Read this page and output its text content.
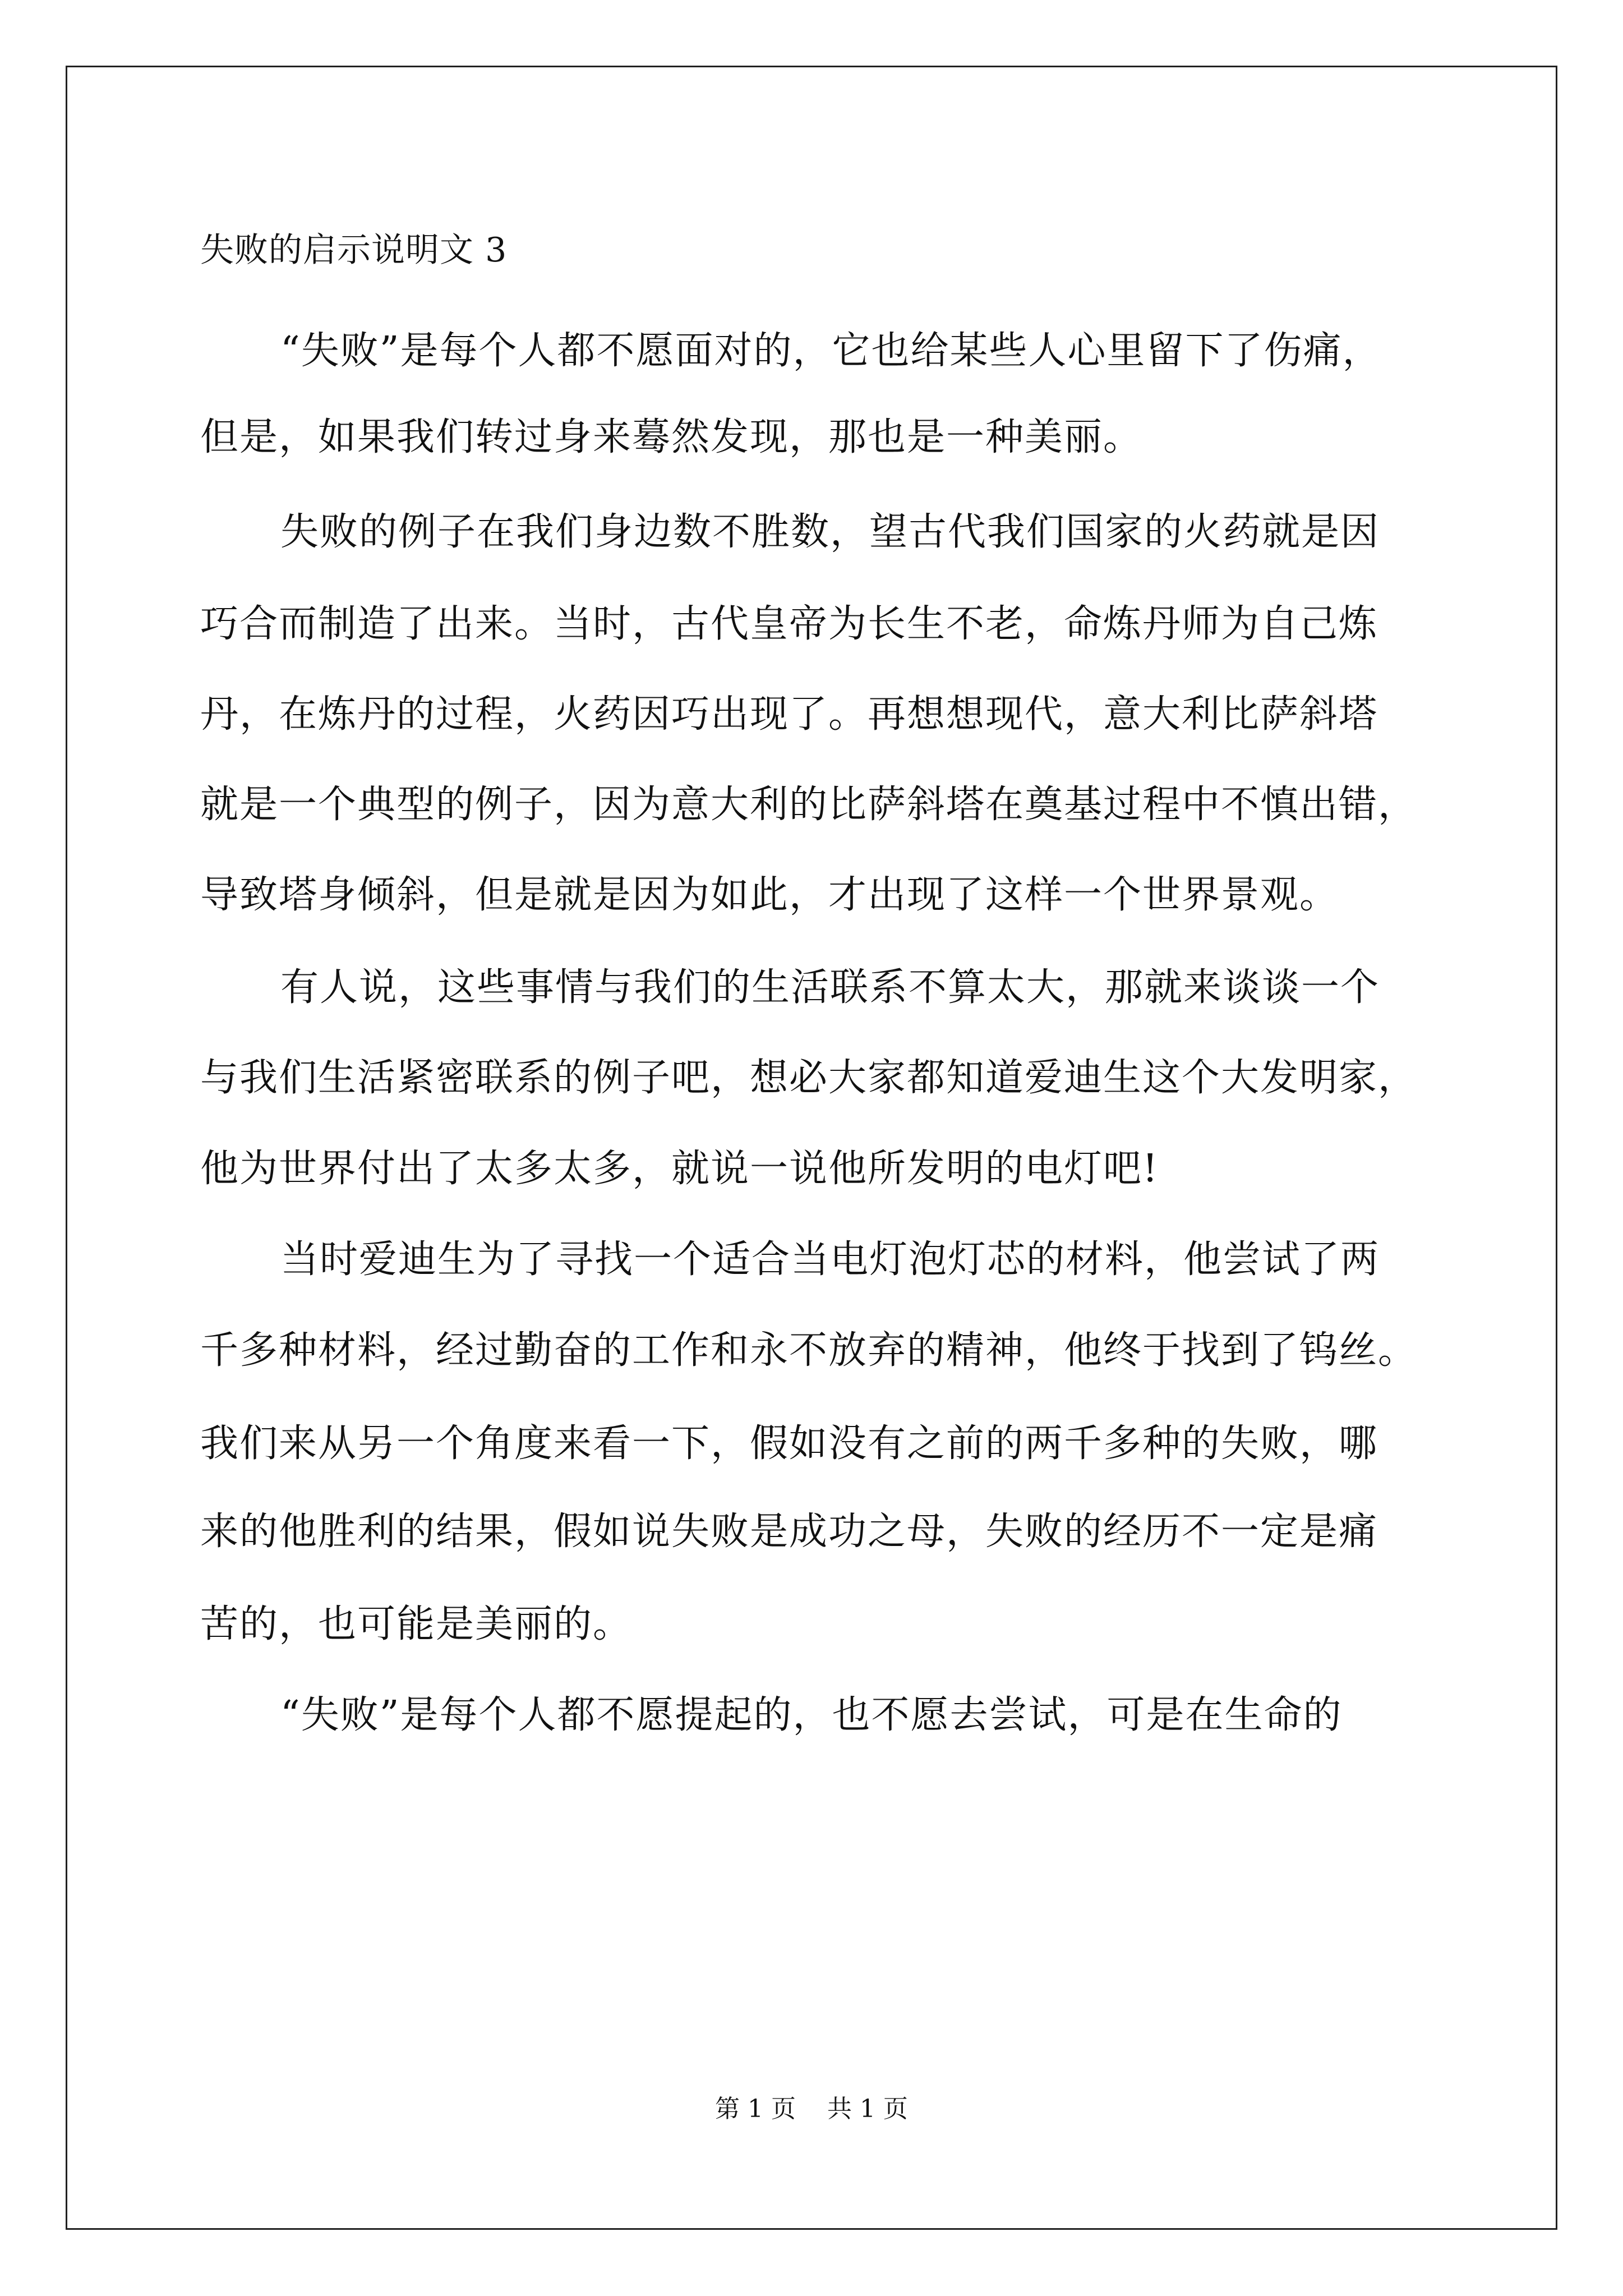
失败的启示说明文 3
“失败”是每个人都不愿面对的，它也给某些人心里留下了伤痛，
但是，如果我们转过身来蓦然发现，那也是一种美丽。
失败的例子在我们身边数不胜数，望古代我们国家的火药就是因
巧合而制造了出来。当时，古代皇帝为长生不老，命炼丹师为自己炼
丹，在炼丹的过程，火药因巧出现了。再想想现代，意大利比萨斜塔
就是一个典型的例子，因为意大利的比萨斜塔在奠基过程中不慎出错，
导致塔身倾斜，但是就是因为如此，才出现了这样一个世界景观。
有人说，这些事情与我们的生活联系不算太大，那就来谈谈一个
与我们生活紧密联系的例子吧，想必大家都知道爱迪生这个大发明家，
他为世界付出了太多太多，就说一说他所发明的电灯吧!
当时爱迪生为了寻找一个适合当电灯泡灯芯的材料，他尝试了两
千多种材料，经过勤奋的工作和永不放弃的精神，他终于找到了钨丝。
我们来从另一个角度来看一下，假如没有之前的两千多种的失败，哪
来的他胜利的结果，假如说失败是成功之母，失败的经历不一定是痛
苦的，也可能是美丽的。
“失败”是每个人都不愿提起的，也不愿去尝试，可是在生命的
第 1 页    共 1 页
